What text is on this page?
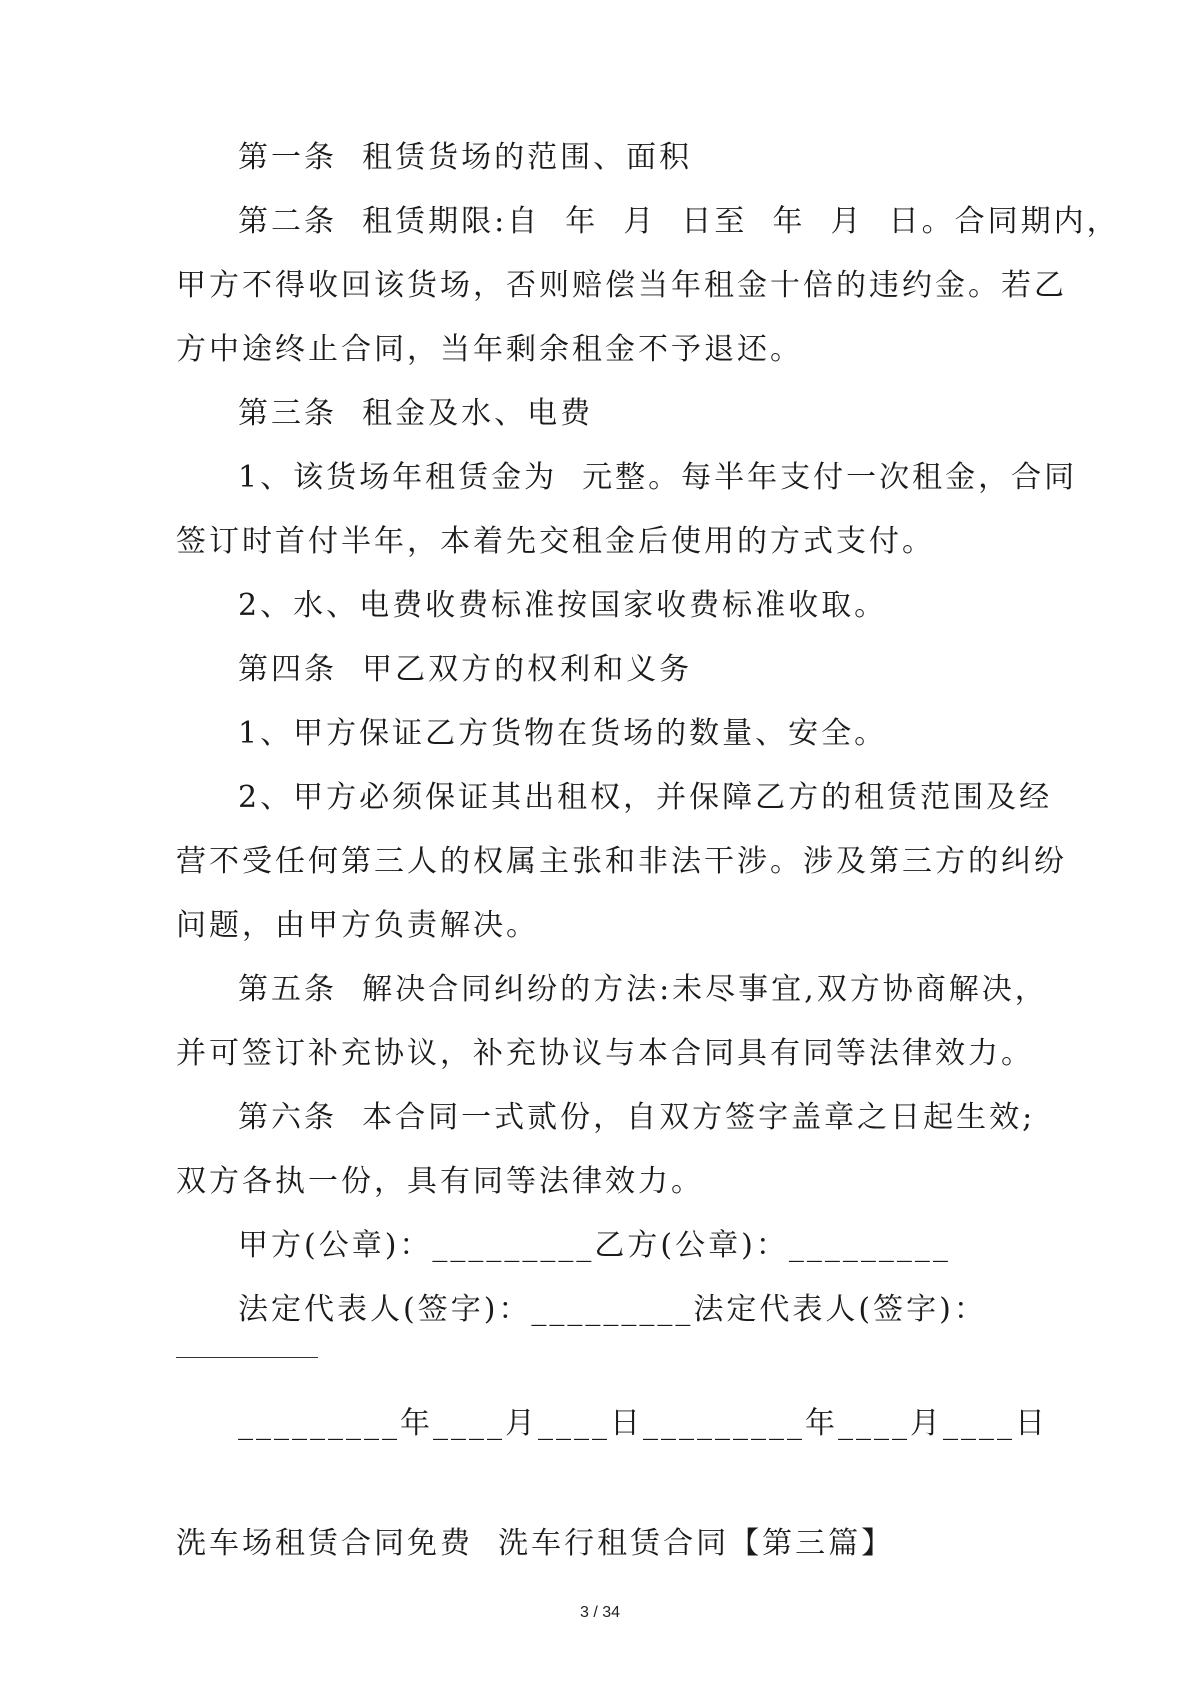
第一条  租赁货场的范围、面积
第二条  租赁期限:自  年  月  日至  年  月  日。合同期内，
甲方不得收回该货场，否则赔偿当年租金十倍的违约金。若乙
方中途终止合同，当年剩余租金不予退还。
第三条  租金及水、电费
1、该货场年租赁金为  元整。每半年支付一次租金，合同
签订时首付半年，本着先交租金后使用的方式支付。
2、水、电费收费标准按国家收费标准收取。
第四条  甲乙双方的权利和义务
1、甲方保证乙方货物在货场的数量、安全。
2、甲方必须保证其出租权，并保障乙方的租赁范围及经
营不受任何第三人的权属主张和非法干涉。涉及第三方的纠纷
问题，由甲方负责解决。
第五条  解决合同纠纷的方法:未尽事宜,双方协商解决，
并可签订补充协议，补充协议与本合同具有同等法律效力。
第六条  本合同一式贰份，自双方签字盖章之日起生效;
双方各执一份，具有同等法律效力。
甲方(公章)：_________乙方(公章)：_________
法定代表人(签字)：_________法定代表人(签字)：
_________年____月____日_________年____月____日
洗车场租赁合同免费  洗车行租赁合同【第三篇】
3 / 34
